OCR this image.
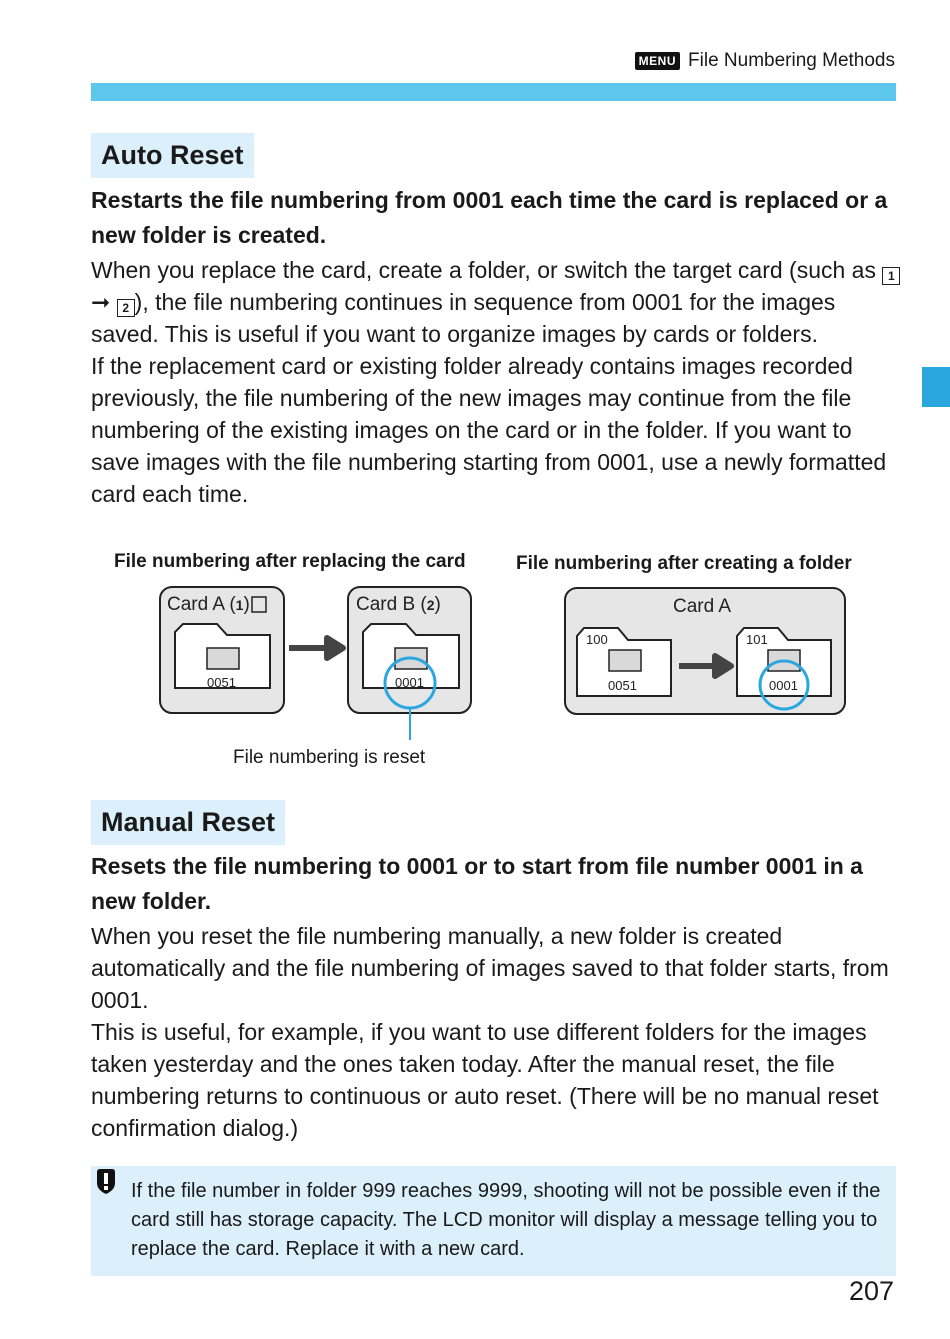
MENU File Numbering Methods
Auto Reset
Restarts the file numbering from 0001 each time the card is replaced or a new folder is created.

When you replace the card, create a folder, or switch the target card (such as 1 ➞ 2 ), the file numbering continues in sequence from 0001 for the images saved. This is useful if you want to organize images by cards or folders.

If the replacement card or existing folder already contains images recorded previously, the file numbering of the new images may continue from the file numbering of the existing images on the card or in the folder. If you want to save images with the file numbering starting from 0001, use a newly formatted card each time.

File numbering after replacing the card	File numbering after creating a folder
Card A (1)
0051
Card B (2)
0001
File numbering is reset
Card A
100
0051
101
0001
Manual Reset
Resets the file numbering to 0001 or to start from file number 0001 in a new folder.

When you reset the file numbering manually, a new folder is created automatically and the file numbering of images saved to that folder starts, from 0001.

This is useful, for example, if you want to use different folders for the images taken yesterday and the ones taken today. After the manual reset, the file numbering returns to continuous or auto reset. (There will be no manual reset confirmation dialog.)

If the file number in folder 999 reaches 9999, shooting will not be possible even if the card still has storage capacity. The LCD monitor will display a message telling you to replace the card. Replace it with a new card.
207
